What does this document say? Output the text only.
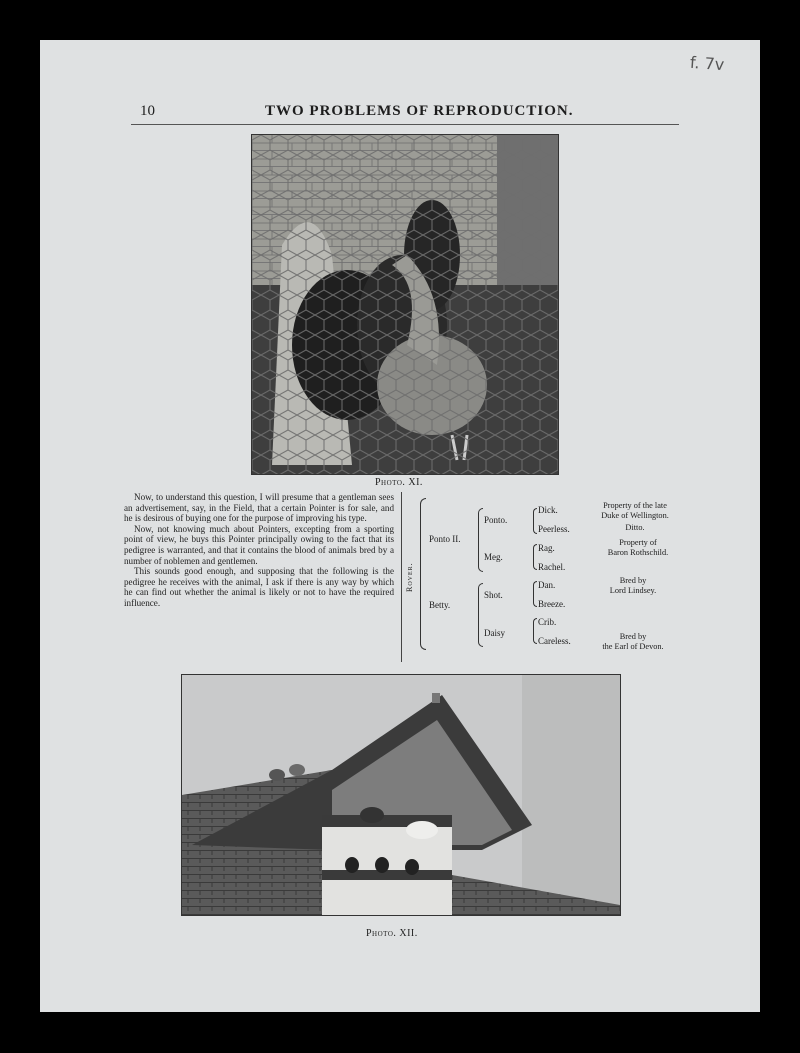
f. 7v
10	TWO PROBLEMS OF REPRODUCTION.
Photo. XI.

Now, to understand this question, I will presume that a gentleman sees an advertisement, say, in the Field, that a certain Pointer is for sale, and he is desirous of buying one for the purpose of improving his type.

Now, not knowing much about Pointers, excepting from a sporting point of view, he buys this Pointer principally owing to the fact that its pedigree is warranted, and that it contains the blood of animals bred by a number of noblemen and gentlemen.

This sounds good enough, and supposing that the following is the pedigree he receives with the animal, I ask if there is any way by which he can find out whether the animal is likely or not to have the required influence.

Rover.
Ponto II.
Betty.
Ponto.
Meg.
Shot.
Daisy
Dick.
Peerless.
Rag.
Rachel.
Dan.
Breeze.
Crib.
Careless.
Property of the late
Duke of Wellington.
Ditto.
Property of
Baron Rothschild.
Bred by
Lord Lindsey.
Bred by
the Earl of Devon.
Photo. XII.
